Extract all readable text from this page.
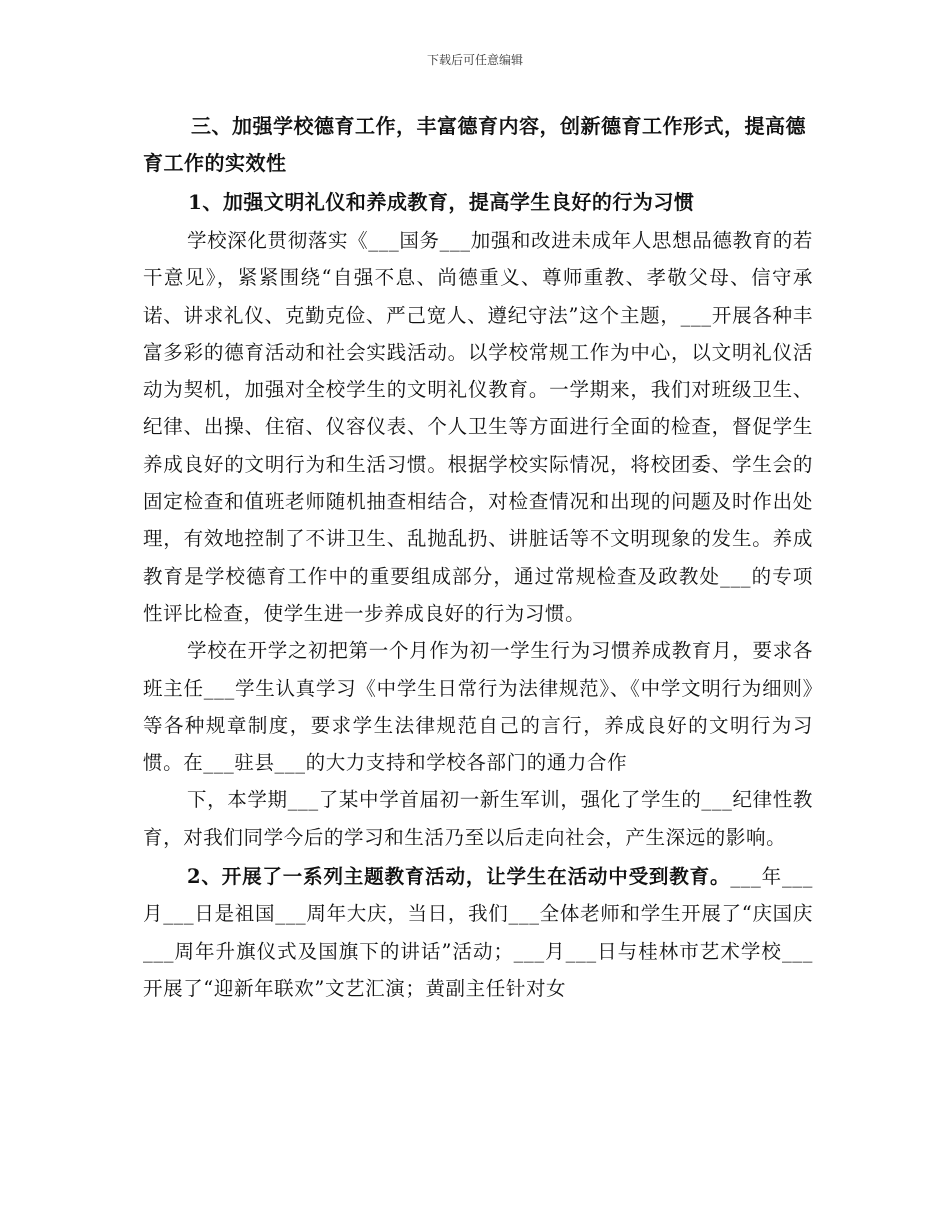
下载后可任意编辑

三、加强学校德育工作，丰富德育内容，创新德育工作形式，提高德育工作的实效性

1、加强文明礼仪和养成教育，提高学生良好的行为习惯

学校深化贯彻落实《___国务___加强和改进未成年人思想品德教育的若干意见》，紧紧围绕“自强不息、尚德重义、尊师重教、孝敬父母、信守承诺、讲求礼仪、克勤克俭、严己宽人、遵纪守法”这个主题，___开展各种丰富多彩的德育活动和社会实践活动。以学校常规工作为中心，以文明礼仪活动为契机，加强对全校学生的文明礼仪教育。一学期来，我们对班级卫生、纪律、出操、住宿、仪容仪表、个人卫生等方面进行全面的检查，督促学生养成良好的文明行为和生活习惯。根据学校实际情况，将校团委、学生会的固定检查和值班老师随机抽查相结合，对检查情况和出现的问题及时作出处理，有效地控制了不讲卫生、乱抛乱扔、讲脏话等不文明现象的发生。养成教育是学校德育工作中的重要组成部分，通过常规检查及政教处___的专项性评比检查，使学生进一步养成良好的行为习惯。

学校在开学之初把第一个月作为初一学生行为习惯养成教育月，要求各班主任___学生认真学习《中学生日常行为法律规范》、《中学文明行为细则》等各种规章制度，要求学生法律规范自己的言行，养成良好的文明行为习惯。在___驻县___的大力支持和学校各部门的通力合作

下，本学期___了某中学首届初一新生军训，强化了学生的___纪律性教育，对我们同学今后的学习和生活乃至以后走向社会，产生深远的影响。

2、开展了一系列主题教育活动，让学生在活动中受到教育。___年___月___日是祖国___周年大庆，当日，我们___全体老师和学生开展了“庆国庆___周年升旗仪式及国旗下的讲话”活动；___月___日与桂林市艺术学校___开展了“迎新年联欢”文艺汇演；黄副主任针对女
